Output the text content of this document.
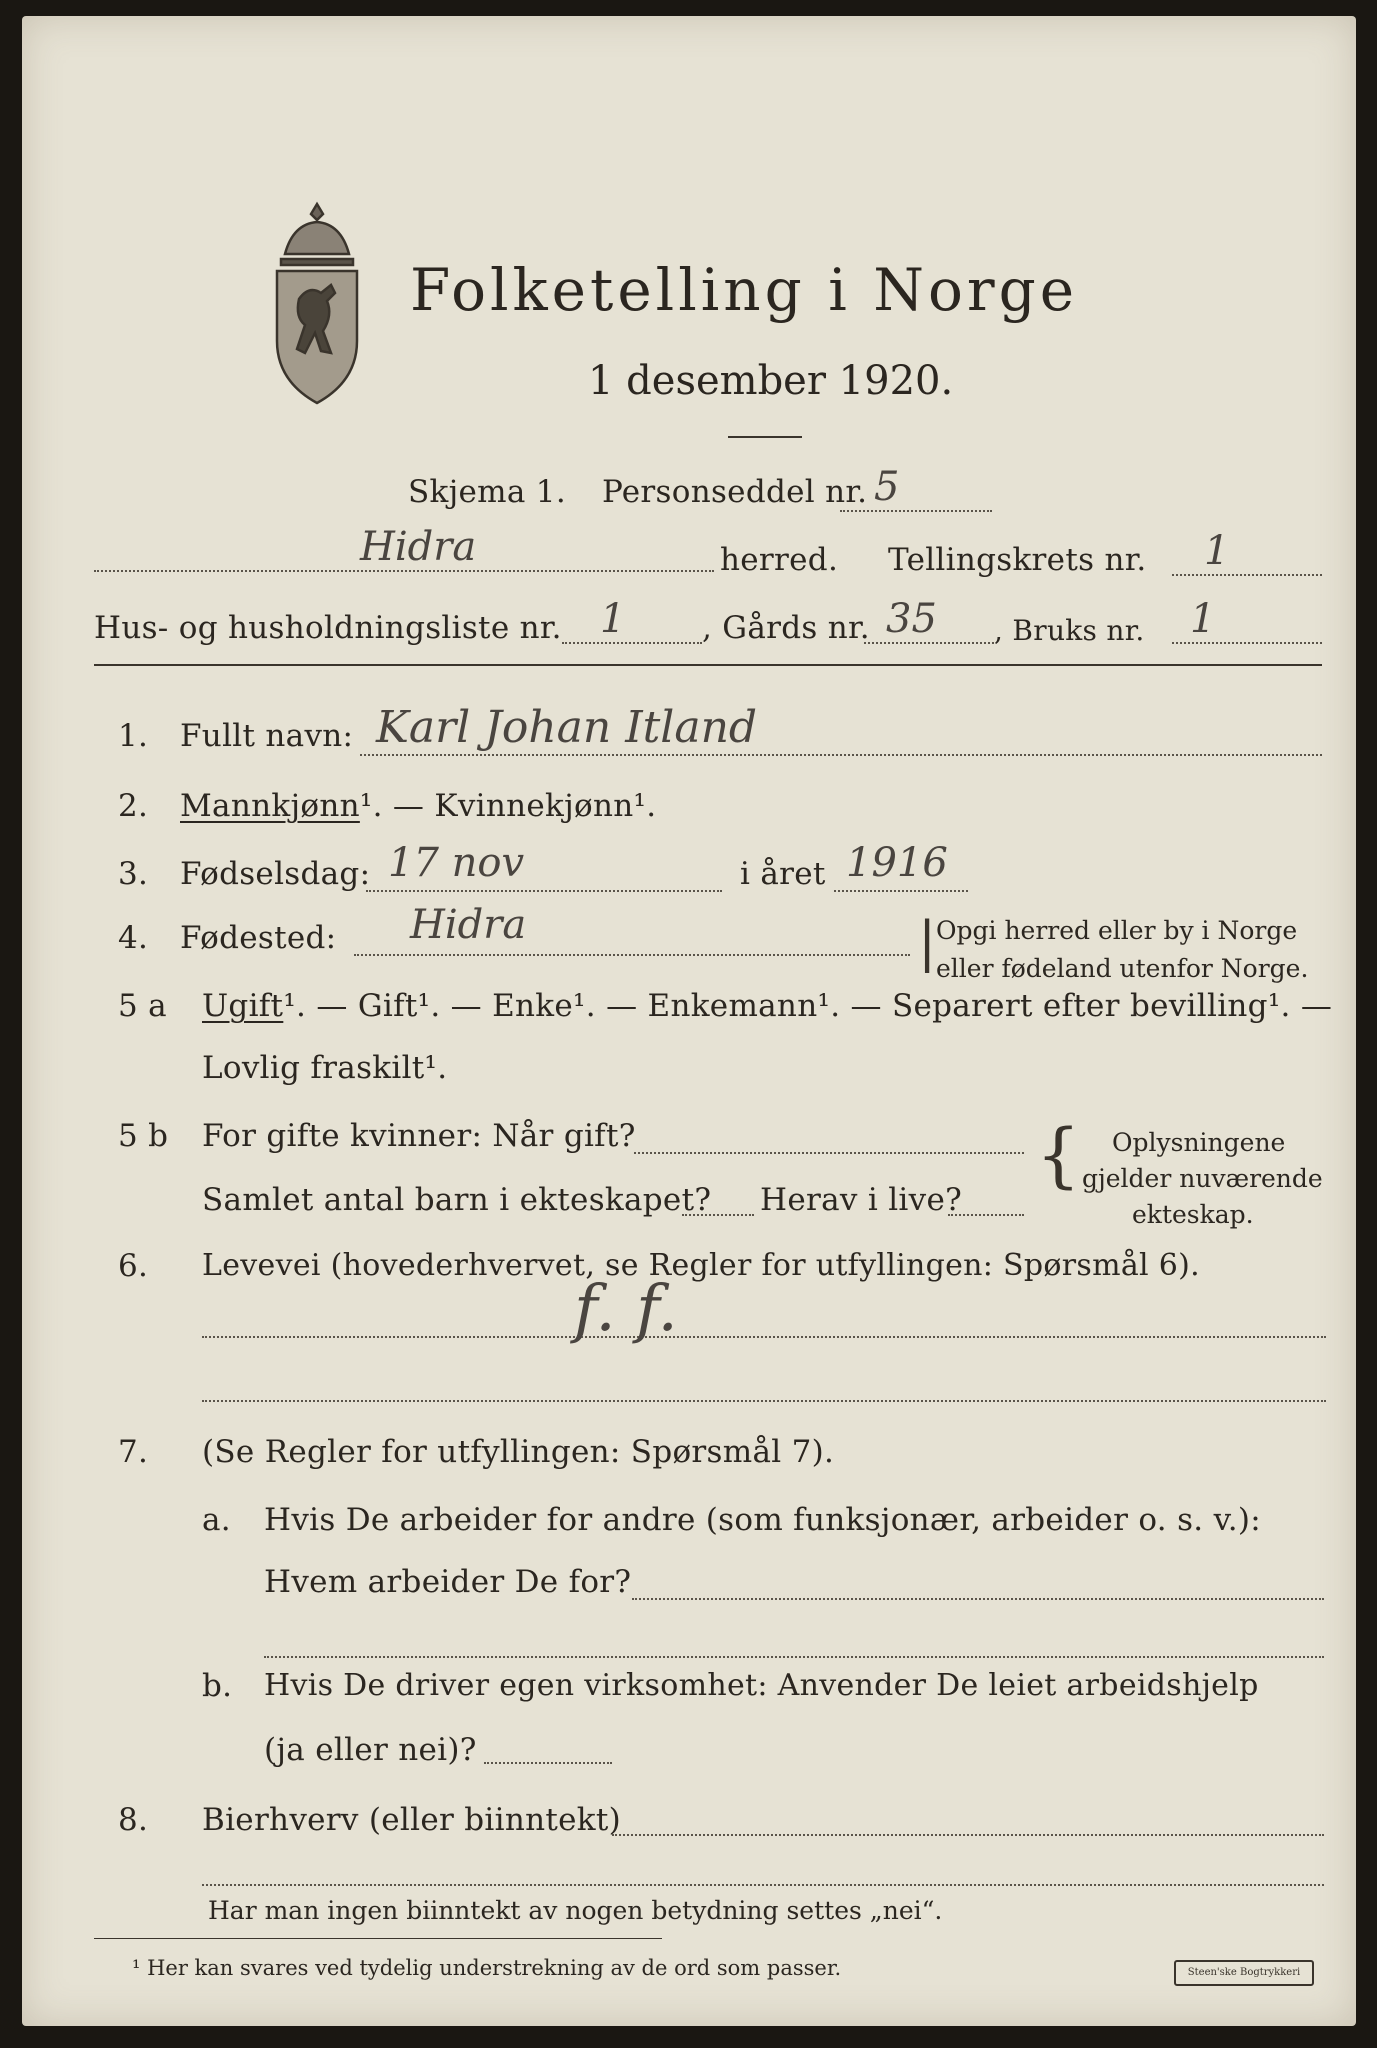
Folketelling i Norge
1 desember 1920.
Skjema 1. Personseddel nr. 5
Hidra	herred. Tellingskrets nr. 1
Hus- og husholdningsliste nr. 1 , Gårds nr. 35 , Bruks nr. 1
1. Fullt navn: Karl Johan Itland
2. Mannkjønn¹. — Kvinnekjønn¹.
3. Fødselsdag: 17 nov	i året 1916
4. Fødested: Hidra	| Opgi herred eller by i Norge
eller fødeland utenfor Norge.
5 a Ugift¹. — Gift¹. — Enke¹. — Enkemann¹. — Separert efter bevilling¹. —
Lovlig fraskilt¹.
5 b For gifte kvinner: Når gift?
Samlet antal barn i ekteskapet? Herav i live?
{ Oplysningene
gjelder nuværende
ekteskap.
6. Levevei (hovederhvervet, se Regler for utfyllingen: Spørsmål 6).
f. f.
7. (Se Regler for utfyllingen: Spørsmål 7).
a. Hvis De arbeider for andre (som funksjonær, arbeider o. s. v.):
Hvem arbeider De for?
b. Hvis De driver egen virksomhet: Anvender De leiet arbeidshjelp
(ja eller nei)?
8. Bierhverv (eller biinntekt)
Har man ingen biinntekt av nogen betydning settes „nei“.
¹ Her kan svares ved tydelig understrekning av de ord som passer.	Steen'ske Bogtrykkeri
